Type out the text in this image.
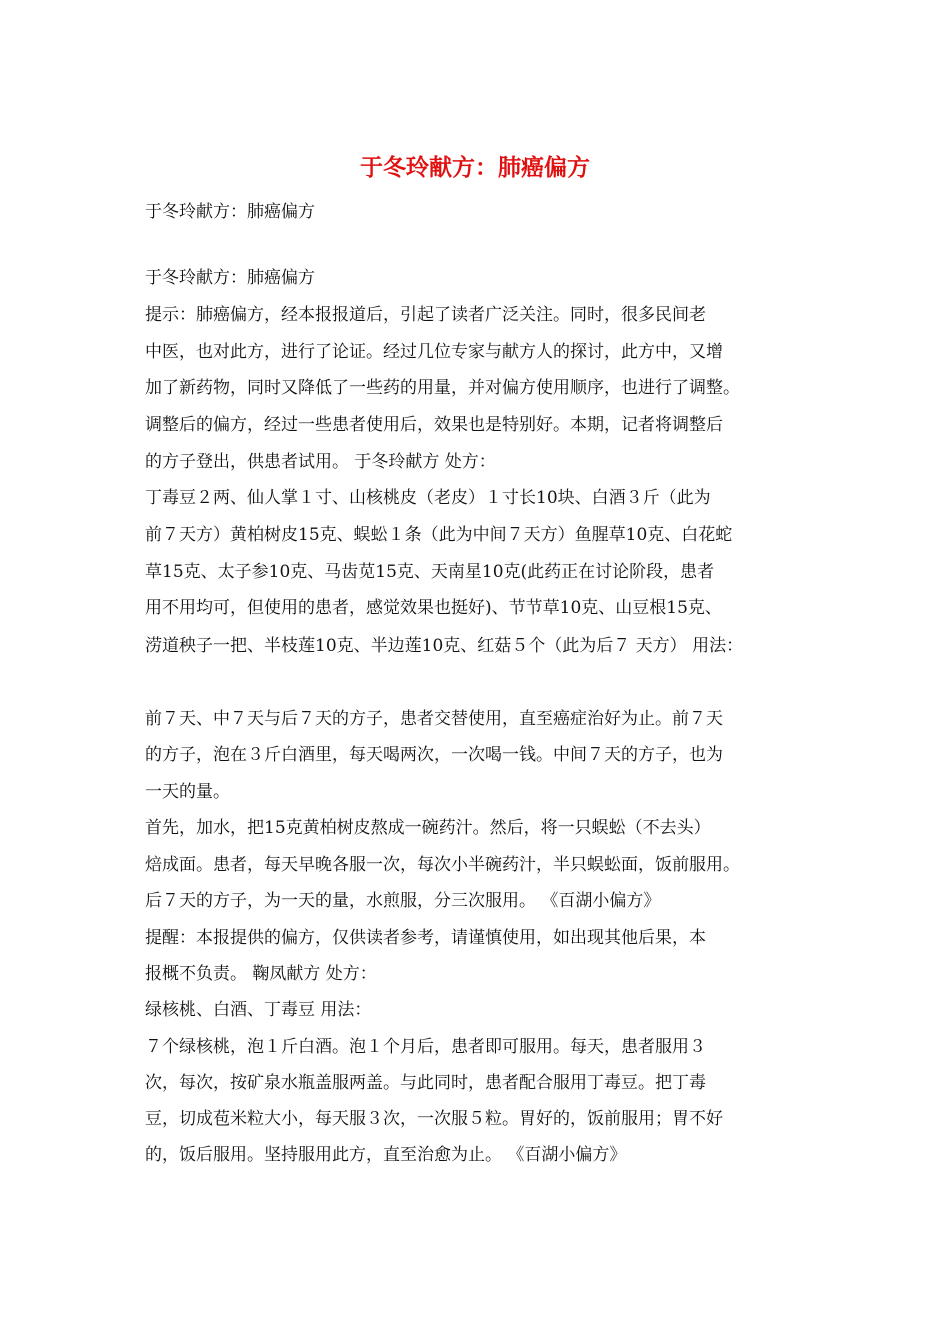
于冬玲献方：肺癌偏方
于冬玲献方：肺癌偏方
于冬玲献方：肺癌偏方
提示：肺癌偏方，经本报报道后，引起了读者广泛关注。同时，很多民间老
中医，也对此方，进行了论证。经过几位专家与献方人的探讨，此方中，又增
加了新药物，同时又降低了一些药的用量，并对偏方使用顺序，也进行了调整。
调整后的偏方，经过一些患者使用后，效果也是特别好。本期，记者将调整后
的方子登出，供患者试用。 于冬玲献方 处方：
丁毒豆２两、仙人掌１寸、山核桃皮（老皮）１寸长10块、白酒３斤（此为
前７天方）黄柏树皮15克、蜈蚣１条（此为中间７天方）鱼腥草10克、白花蛇
草15克、太子参10克、马齿苋15克、天南星10克(此药正在讨论阶段，患者
用不用均可，但使用的患者，感觉效果也挺好)、节节草10克、山豆根15克、
涝道秧子一把、半枝莲10克、半边莲10克、红菇５个（此为后７ 天方） 用法：
前７天、中７天与后７天的方子，患者交替使用，直至癌症治好为止。前７天
的方子，泡在３斤白酒里，每天喝两次，一次喝一钱。中间７天的方子，也为
一天的量。
首先，加水，把15克黄柏树皮熬成一碗药汁。然后，将一只蜈蚣（不去头）
焙成面。患者，每天早晚各服一次，每次小半碗药汁，半只蜈蚣面，饭前服用。
后７天的方子，为一天的量，水煎服，分三次服用。 《百湖小偏方》
提醒：本报提供的偏方，仅供读者参考，请谨慎使用，如出现其他后果，本
报概不负责。 鞠凤献方 处方：
绿核桃、白酒、丁毒豆 用法：
７个绿核桃，泡１斤白酒。泡１个月后，患者即可服用。每天，患者服用３
次，每次，按矿泉水瓶盖服两盖。与此同时，患者配合服用丁毒豆。把丁毒
豆，切成苞米粒大小，每天服３次，一次服５粒。胃好的，饭前服用；胃不好
的，饭后服用。坚持服用此方，直至治愈为止。 《百湖小偏方》
